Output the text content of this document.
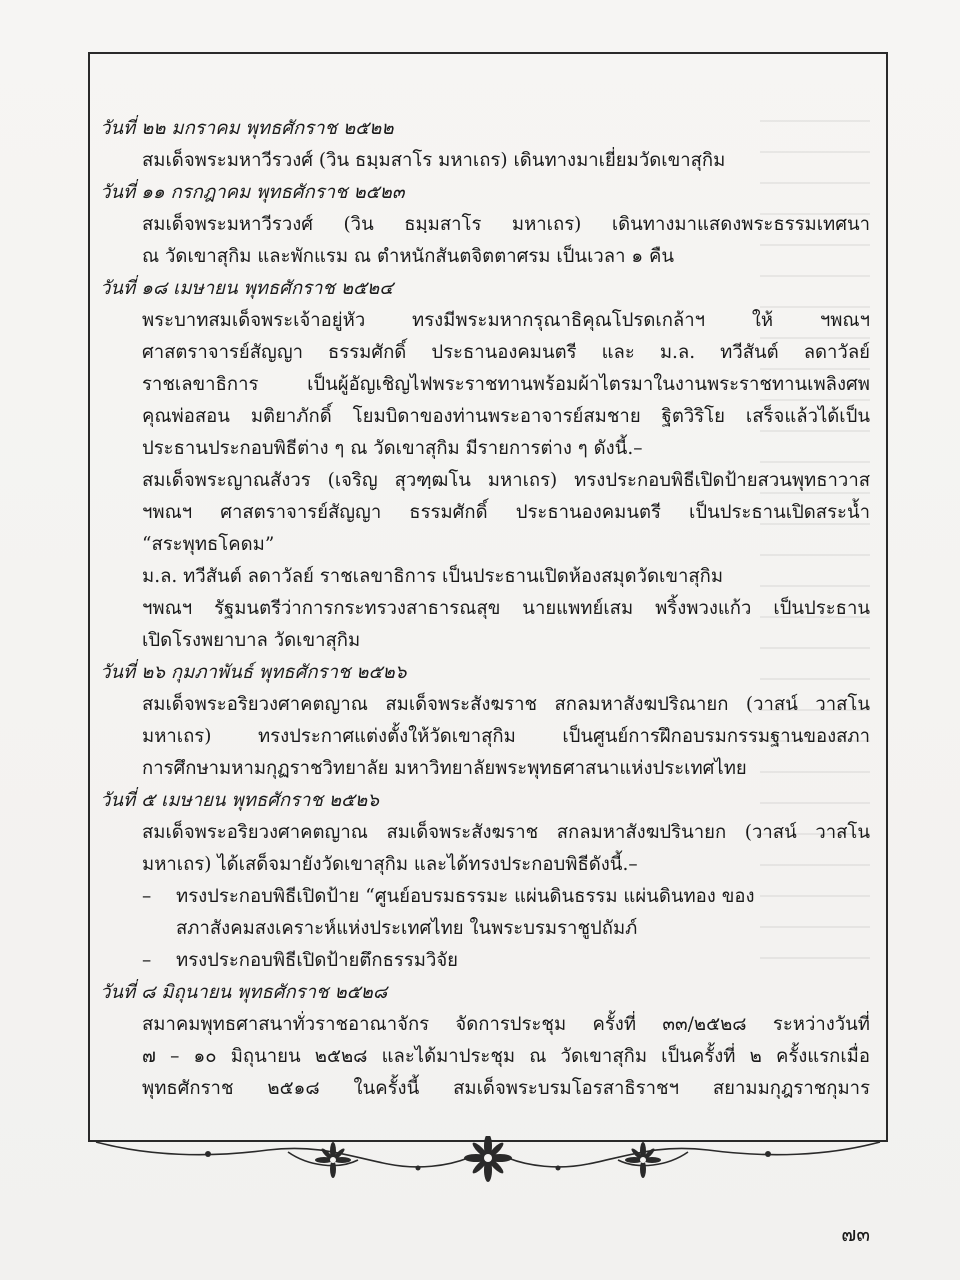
วันที่ ๒๒ มกราคม พุทธศักราช ๒๕๒๒
สมเด็จพระมหาวีรวงศ์ (วิน ธมฺมสาโร มหาเถร) เดินทางมาเยี่ยมวัดเขาสุกิม
วันที่ ๑๑ กรกฎาคม พุทธศักราช ๒๕๒๓
สมเด็จพระมหาวีรวงศ์ (วิน ธมฺมสาโร มหาเถร) เดินทางมาแสดงพระธรรมเทศนา
ณ วัดเขาสุกิม และพักแรม ณ ตำหนักสันตจิตตาศรม เป็นเวลา ๑ คืน
วันที่ ๑๘ เมษายน พุทธศักราช ๒๕๒๔
พระบาทสมเด็จพระเจ้าอยู่หัว ทรงมีพระมหากรุณาธิคุณโปรดเกล้าฯ ให้ ฯพณฯ
ศาสตราจารย์สัญญา ธรรมศักดิ์ ประธานองคมนตรี และ ม.ล. ทวีสันต์ ลดาวัลย์
ราชเลขาธิการ เป็นผู้อัญเชิญไฟพระราชทานพร้อมผ้าไตรมาในงานพระราชทานเพลิงศพ
คุณพ่อสอน มติยาภักดิ์ โยมบิดาของท่านพระอาจารย์สมชาย ฐิตวิริโย เสร็จแล้วได้เป็น
ประธานประกอบพิธีต่าง ๆ ณ วัดเขาสุกิม มีรายการต่าง ๆ ดังนี้.–
สมเด็จพระญาณสังวร (เจริญ สุวฑฺฒโน มหาเถร) ทรงประกอบพิธีเปิดป้ายสวนพุทธาวาส
ฯพณฯ ศาสตราจารย์สัญญา ธรรมศักดิ์ ประธานองคมนตรี เป็นประธานเปิดสระน้ำ
“สระพุทธโคดม”
ม.ล. ทวีสันต์ ลดาวัลย์ ราชเลขาธิการ เป็นประธานเปิดห้องสมุดวัดเขาสุกิม
ฯพณฯ รัฐมนตรีว่าการกระทรวงสาธารณสุข นายแพทย์เสม พริ้งพวงแก้ว เป็นประธาน
เปิดโรงพยาบาล วัดเขาสุกิม
วันที่ ๒๖ กุมภาพันธ์ พุทธศักราช ๒๕๒๖
สมเด็จพระอริยวงศาคตญาณ สมเด็จพระสังฆราช สกลมหาสังฆปริณายก (วาสน์ วาสโน
มหาเถร) ทรงประกาศแต่งตั้งให้วัดเขาสุกิม เป็นศูนย์การฝึกอบรมกรรมฐานของสภา
การศึกษามหามกุฏราชวิทยาลัย มหาวิทยาลัยพระพุทธศาสนาแห่งประเทศไทย
วันที่ ๕ เมษายน พุทธศักราช ๒๕๒๖
สมเด็จพระอริยวงศาคตญาณ สมเด็จพระสังฆราช สกลมหาสังฆปรินายก (วาสน์ วาสโน
มหาเถร) ได้เสด็จมายังวัดเขาสุกิม และได้ทรงประกอบพิธีดังนี้.–
– ทรงประกอบพิธีเปิดป้าย “ศูนย์อบรมธรรมะ แผ่นดินธรรม แผ่นดินทอง ของ
สภาสังคมสงเคราะห์แห่งประเทศไทย ในพระบรมราชูปถัมภ์
– ทรงประกอบพิธีเปิดป้ายตึกธรรมวิจัย
วันที่ ๘ มิถุนายน พุทธศักราช ๒๕๒๘
สมาคมพุทธศาสนาทั่วราชอาณาจักร จัดการประชุม ครั้งที่ ๓๓/๒๕๒๘ ระหว่างวันที่
๗ – ๑๐ มิถุนายน ๒๕๒๘ และได้มาประชุม ณ วัดเขาสุกิม เป็นครั้งที่ ๒ ครั้งแรกเมื่อ
พุทธศักราช ๒๕๑๘ ในครั้งนี้ สมเด็จพระบรมโอรสาธิราชฯ สยามมกุฎราชกุมาร
๗๓
